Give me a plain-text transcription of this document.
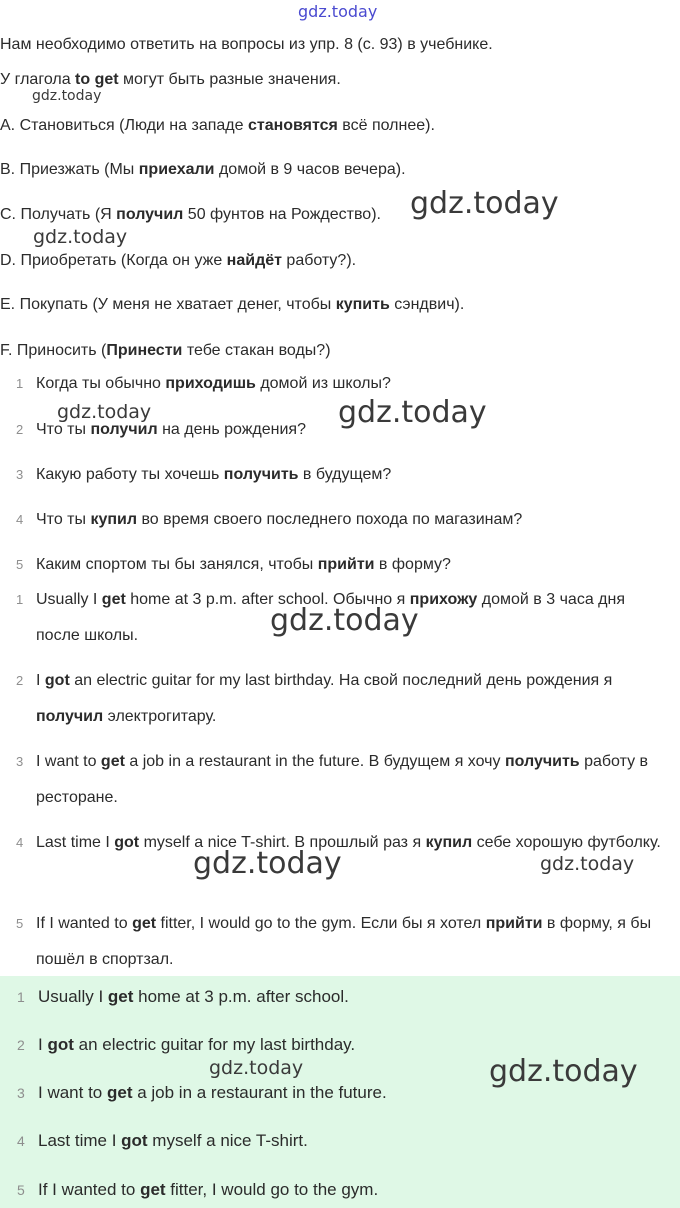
gdz.today
Нам необходимо ответить на вопросы из упр. 8 (с. 93) в учебнике.
У глагола to get могут быть разные значения.
A. Становиться (Люди на западе становятся всё полнее).
B. Приезжать (Мы приехали домой в 9 часов вечера).
C. Получать (Я получил 50 фунтов на Рождество).
D. Приобретать (Когда он уже найдёт работу?).
E. Покупать (У меня не хватает денег, чтобы купить сэндвич).
F. Приносить (Принести тебе стакан воды?)
1 Когда ты обычно приходишь домой из школы?
2 Что ты получил на день рождения?
3 Какую работу ты хочешь получить в будущем?
4 Что ты купил во время своего последнего похода по магазинам?
5 Каким спортом ты бы занялся, чтобы прийти в форму?
1 Usually I get home at 3 p.m. after school. Обычно я прихожу домой в 3 часа дня после школы.
2 I got an electric guitar for my last birthday. На свой последний день рождения я получил электрогитару.
3 I want to get a job in a restaurant in the future. В будущем я хочу получить работу в ресторане.
4 Last time I got myself a nice T-shirt. В прошлый раз я купил себе хорошую футболку.
5 If I wanted to get fitter, I would go to the gym. Если бы я хотел прийти в форму, я бы пошёл в спортзал.
1 Usually I get home at 3 p.m. after school.
2 I got an electric guitar for my last birthday.
3 I want to get a job in a restaurant in the future.
4 Last time I got myself a nice T-shirt.
5 If I wanted to get fitter, I would go to the gym.
gdz.today
gdz.today
gdz.today
gdz.today	gdz.today
gdz.today
gdz.today	gdz.today
gdz.today	gdz.today
